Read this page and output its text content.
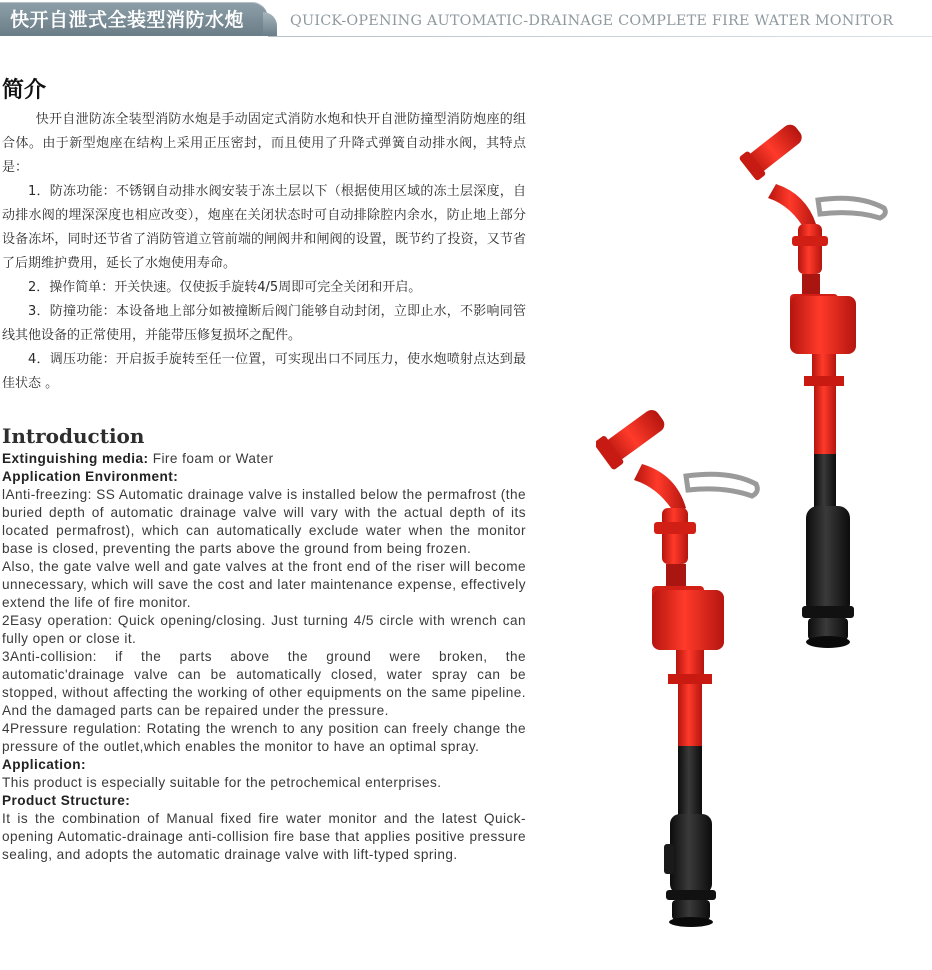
快开自泄式全装型消防水炮	QUICK-OPENING AUTOMATIC-DRAINAGE COMPLETE FIRE WATER MONITOR
简介

快开自泄防冻全装型消防水炮是手动固定式消防水炮和快开自泄防撞型消防炮座的组合体。由于新型炮座在结构上采用正压密封，而且使用了升降式弹簧自动排水阀，其特点是：

1．防冻功能：不锈钢自动排水阀安装于冻土层以下（根据使用区域的冻土层深度，自动排水阀的埋深深度也相应改变），炮座在关闭状态时可自动排除腔内余水，防止地上部分设备冻坏，同时还节省了消防管道立管前端的闸阀井和闸阀的设置，既节约了投资，又节省了后期维护费用，延长了水炮使用寿命。

2．操作简单：开关快速。仅使扳手旋转4/5周即可完全关闭和开启。

3．防撞功能：本设备地上部分如被撞断后阀门能够自动封闭，立即止水，不影响同管线其他设备的正常使用，并能带压修复损坏之配件。

4．调压功能：开启扳手旋转至任一位置，可实现出口不同压力，使水炮喷射点达到最佳状态 。

Introduction

Extinguishing media: Fire foam or Water

Application Environment:

lAnti-freezing: SS Automatic drainage valve is installed below the permafrost (the buried depth of automatic drainage valve will vary with the actual depth of its located permafrost), which can automatically exclude water when the monitor base is closed, preventing the parts above the ground from being frozen.

Also, the gate valve well and gate valves at the front end of the riser will become unnecessary, which will save the cost and later maintenance expense, effectively extend the life of fire monitor.

2Easy operation: Quick opening/closing. Just turning 4/5 circle with wrench can fully open or close it.

3Anti-collision: if the parts above the ground were broken, the automatic'drainage valve can be automatically closed, water spray can be stopped, without affecting the working of other equipments on the same pipeline. And the damaged parts can be repaired under the pressure.

4Pressure regulation: Rotating the wrench to any position can freely change the pressure of the outlet,which enables the monitor to have an optimal spray.

Application:

This product is especially suitable for the petrochemical enterprises.

Product Structure:

It is the combination of Manual fixed fire water monitor and the latest Quick-opening Automatic-drainage anti-collision fire base that applies positive pressure sealing, and adopts the automatic drainage valve with lift-typed spring.
